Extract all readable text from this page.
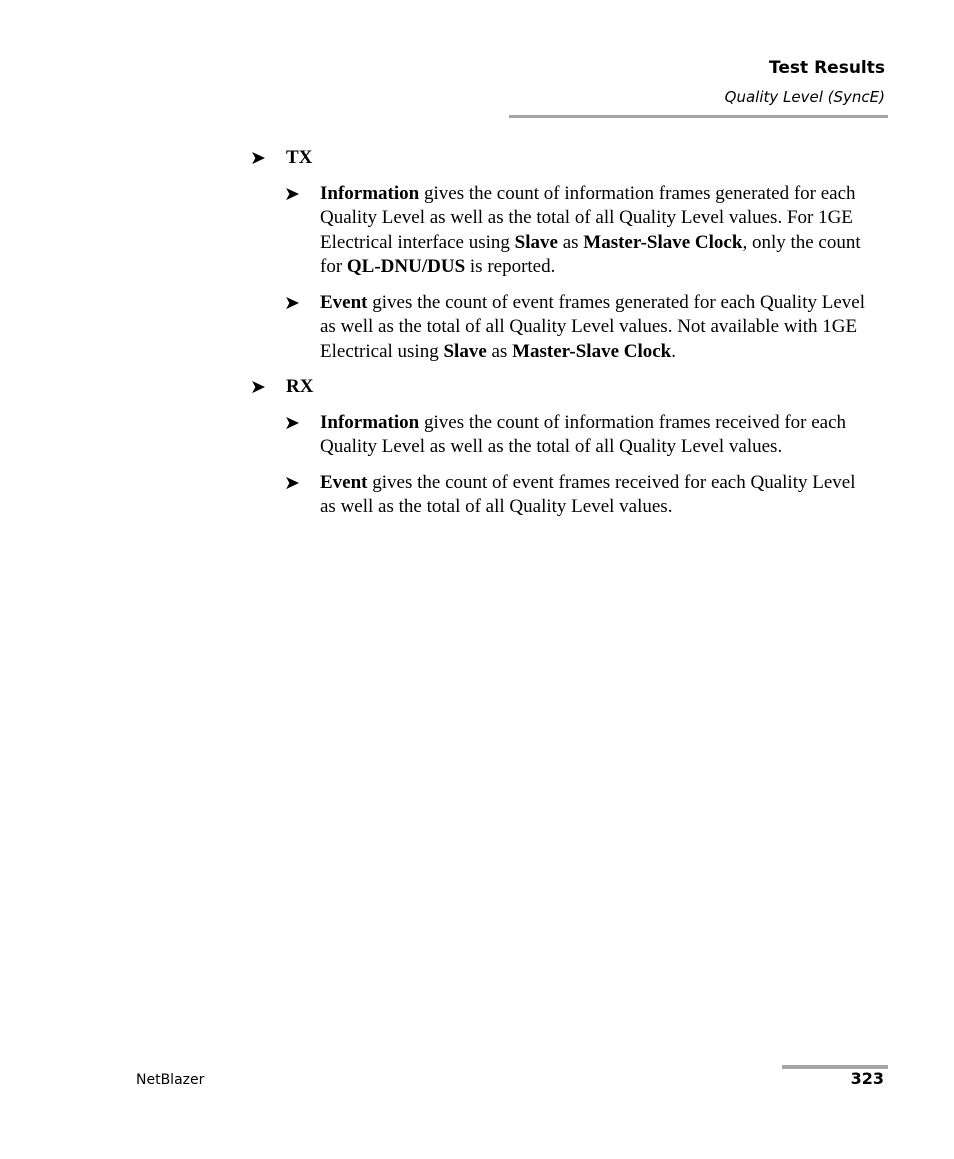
Test Results
Quality Level (SyncE)
➤ TX
➤ Information gives the count of information frames generated for each Quality Level as well as the total of all Quality Level values. For 1GE Electrical interface using Slave as Master-Slave Clock, only the count for QL-DNU/DUS is reported.
➤ Event gives the count of event frames generated for each Quality Level as well as the total of all Quality Level values. Not available with 1GE Electrical using Slave as Master-Slave Clock.
➤ RX
➤ Information gives the count of information frames received for each Quality Level as well as the total of all Quality Level values.
➤ Event gives the count of event frames received for each Quality Level as well as the total of all Quality Level values.
NetBlazer	323
